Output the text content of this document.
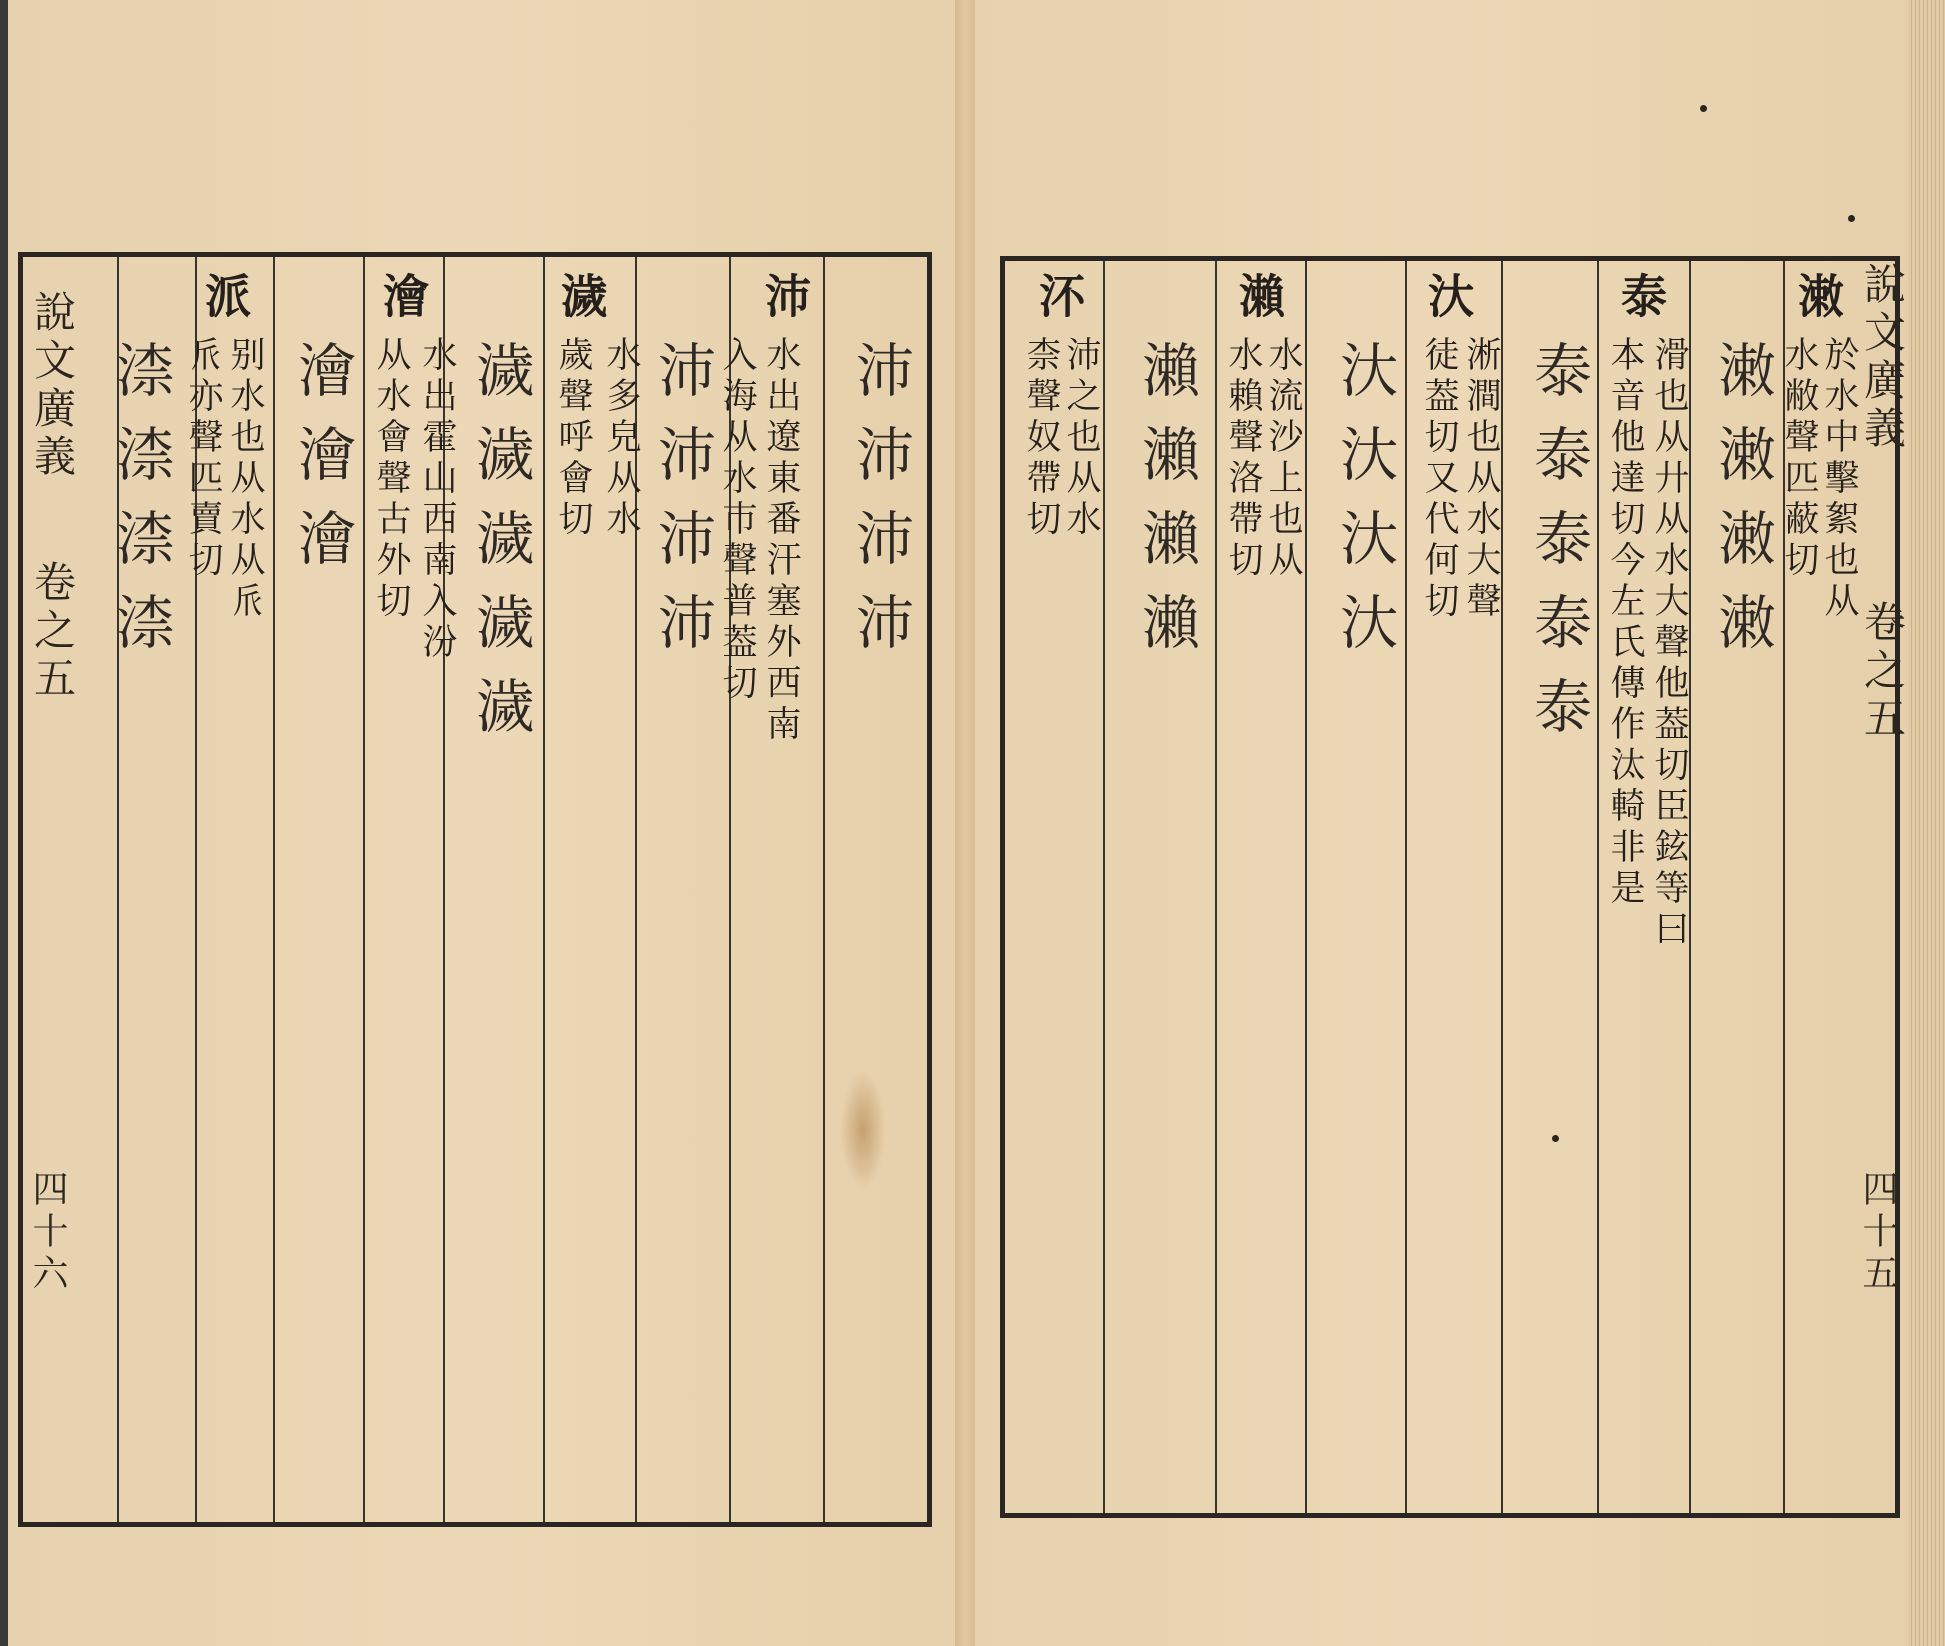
說文廣義
卷之五
四十六
沛
水出遼東番汗塞外西南
入海从水巿聲普葢切 沛沛沛沛
沛沛沛沛
濊
水多皃从水
歲聲呼會切
濊濊濊濊濊
澮
水出霍山西南入汾
从水會聲古外切
澮澮澮
派
别水也从水从𠂢
𠂢亦聲匹賣切
渿渿渿渿	說文廣義
卷之五
四十五
潄
於水中擊絮也从
水敝聲匹蔽切
潄潄潄潄
泰
滑也从廾从水大聲他葢切臣鉉等曰
本音他達切今左氏傳作汰輢非是
泰泰泰泰泰
汏
淅澗也从水大聲
徒葢切又代何切
汏汏汏汏
瀨
水流沙上也从
水賴聲洛帶切
瀨瀨瀨瀨
㳅
沛之也从水
柰聲奴帶切
